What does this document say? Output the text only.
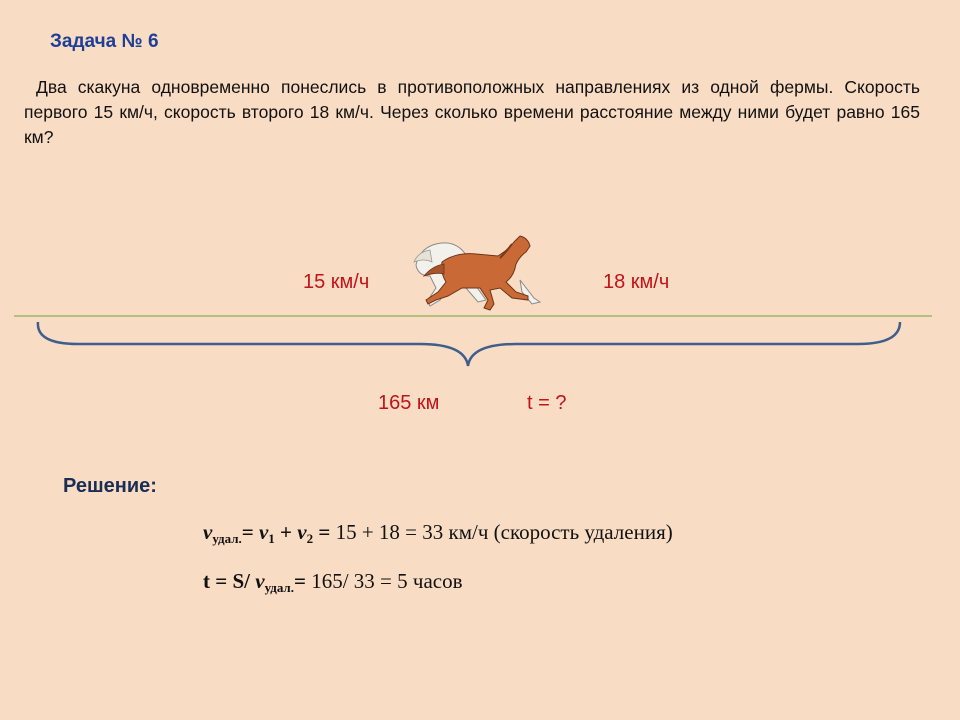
Задача № 6
Два скакуна одновременно понеслись в противоположных направлениях из одной фермы. Скорость первого 15 км/ч, скорость второго 18 км/ч. Через сколько времени расстояние между ними будет равно 165 км?
15 км/ч	18 км/ч
165 км	t = ?
Решение:
$v_{удал.}= v_1 + v_2 = 15 + 18 = 33$ км/ч (скорость удаления)
t = S/ $v_{удал.}= 165/$ 33 = 5 часов
